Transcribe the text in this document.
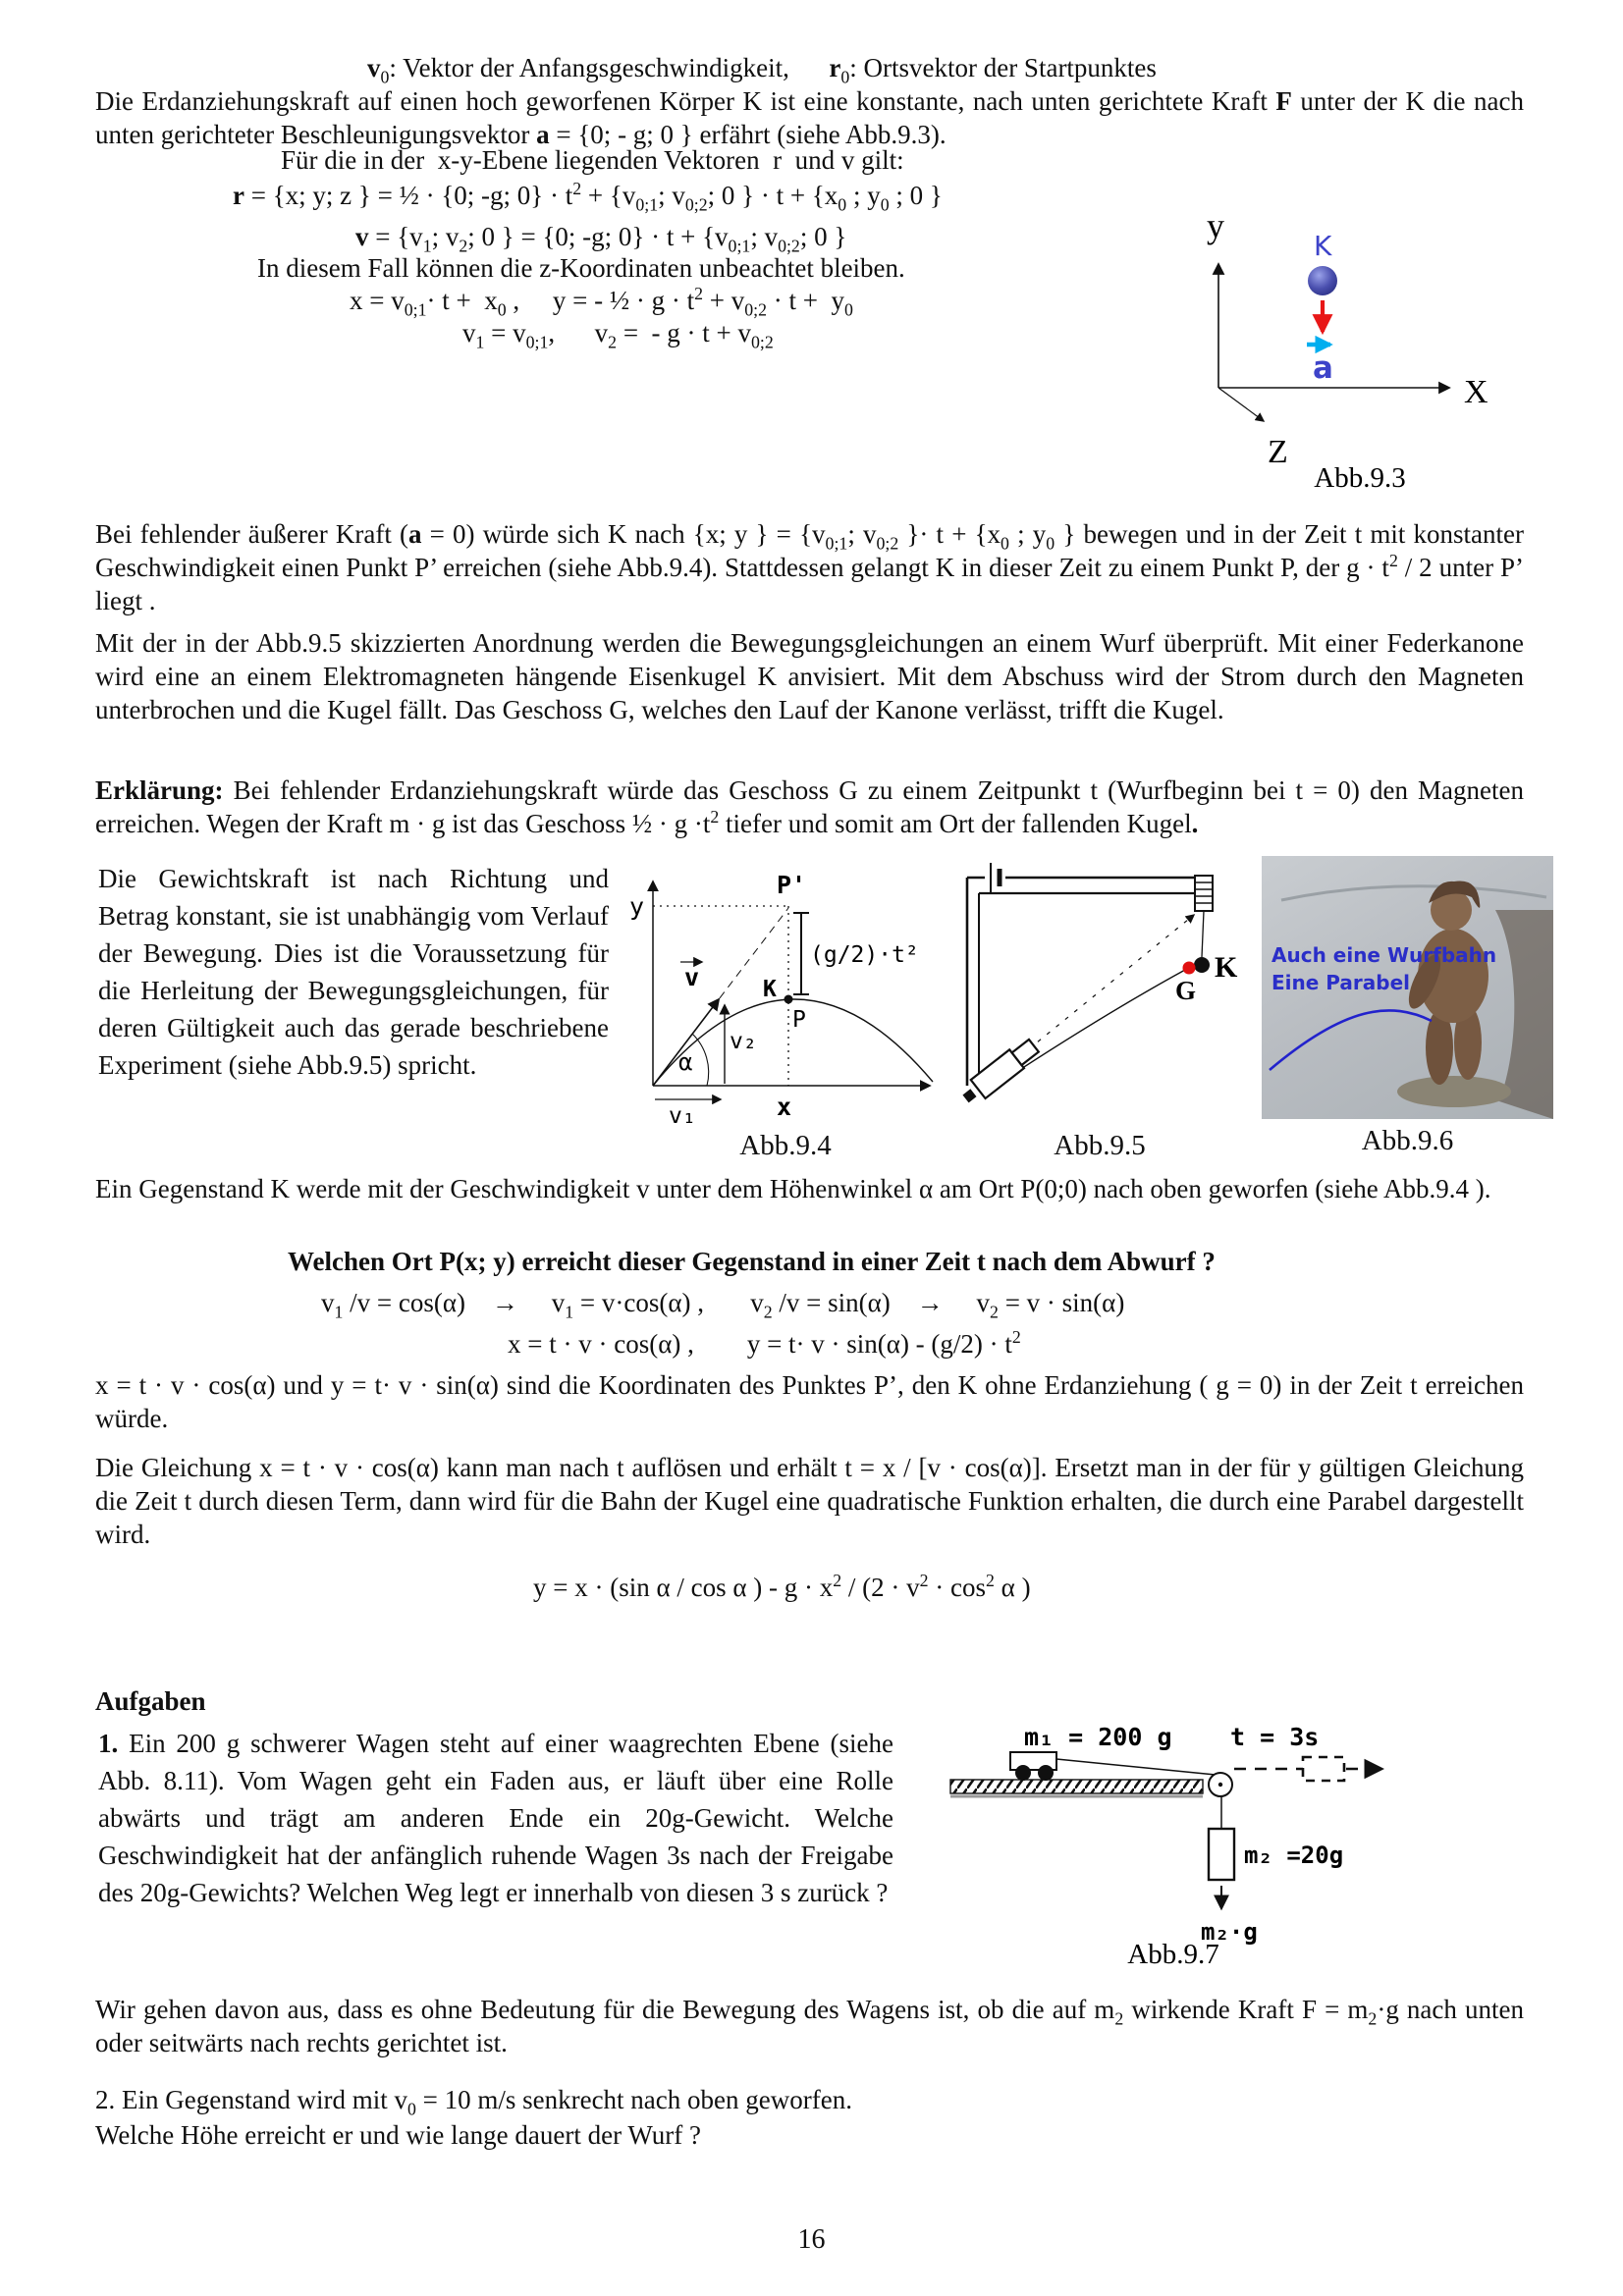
$v_0$: Vektor der Anfangsgeschwindigkeit,      $r_0$: Ortsvektor der Startpunktes
Die Erdanziehungskraft auf einen hoch geworfenen Körper K ist eine konstante, nach unten gerichtete Kraft F unter der K die nach unten gerichteter Beschleunigungsvektor a = {0; - g; 0 } erfährt (siehe Abb.9.3).
Für die in der  x-y-Ebene liegenden Vektoren  r  und v gilt:
r = {x; y; z } = ½ · {0; -g; $0\} \cdot t^2 + \{v_{0;1}$; $v_{0;2}$; 0 } · $t + \{x_0$ ; $y_0$ ; 0 }
$v = \{v_1$; $v_2$; 0 } = {0; -g; $0\} \cdot t + \{v_{0;1}$; $v_{0;2}$; 0 }
In diesem Fall können die z-Koordinaten unbeachtet bleiben.
$x = v_{0;1}\cdot t + x_0$ ,     y = - ½ · $g \cdot t^2 + v_{0;2} \cdot t + y_0$
$v_1 = v_{0;1}$,      $v_2$ =  - $g \cdot t + v_{0;2}$
y
X
Z
K
a
Abb.9.3
Bei fehlender äußerer Kraft (a = 0) würde sich K nach {x; y } = {$v_{0;1}$; $v_{0;2}$ }· $t + \{x_0$ ; $y_0$ } bewegen und in der Zeit t mit konstanter Geschwindigkeit einen Punkt P’ erreichen (siehe Abb.9.4). Stattdessen gelangt K in dieser Zeit zu einem Punkt P, der $g \cdot t^2 / 2$ unter P’ liegt .
Mit der in der Abb.9.5 skizzierten Anordnung werden die Bewegungsgleichungen an einem Wurf überprüft. Mit einer Federkanone wird eine an einem Elektromagneten hängende Eisenkugel K anvisiert. Mit dem Abschuss wird der Strom durch den Magneten unterbrochen und die Kugel fällt. Das Geschoss G, welches den Lauf der Kanone verlässt, trifft die Kugel.
Erklärung: Bei fehlender Erdanziehungskraft würde das Geschoss G zu einem Zeitpunkt t (Wurfbeginn bei t = 0) den Magneten erreichen. Wegen der Kraft m · g ist das Geschoss ½ · $g \cdot t^2$ tiefer und somit am Ort der fallenden Kugel.
Die Gewichtskraft ist nach Richtung und Betrag konstant, sie ist unabhängig vom Verlauf der Bewegung. Dies ist die Voraussetzung für die Herleitung der Bewegungsgleichungen, für deren Gültigkeit auch das gerade beschriebene Experiment (siehe Abb.9.5) spricht.
y
P'
(g/2)·t²
K
P
v
v₂
α
v₁	x
Abb.9.4
K
G
Abb.9.5
Auch eine Wurfbahn
Eine Parabel
Abb.9.6
Ein Gegenstand K werde mit der Geschwindigkeit v unter dem Höhenwinkel α am Ort P(0;0) nach oben geworfen (siehe Abb.9.4 ).
Welchen Ort P(x; y) erreicht dieser Gegenstand in einer Zeit t nach dem Abwurf ?
$v_1$ /v = cos(α)    →     $v_1 = v\cdot\cos(\alpha)$ ,       $v_2$ /v = sin(α)    →     $v_2 = v \cdot \sin(\alpha)$
x = t · v · cos(α) ,        $y = t\cdot v \cdot \sin(\alpha) - (g/2) \cdot t^2$
x = t · v · cos(α) und y = t· v · sin(α) sind die Koordinaten des Punktes P’, den K ohne Erdanziehung ( g = 0) in der Zeit t erreichen würde.
Die Gleichung x = t · v · cos(α) kann man nach t auflösen und erhält t = x / [v · cos(α)]. Ersetzt man in der für y gültigen Gleichung die Zeit t durch diesen Term, dann wird für die Bahn der Kugel eine quadratische Funktion erhalten, die durch eine Parabel dargestellt wird.
y = x · (sin α / cos α ) - $g \cdot x^2 / (2 \cdot v^2 \cdot \cos^2 \alpha$ )
Aufgaben
1. Ein 200 g schwerer Wagen steht auf einer waagrechten Ebene (siehe Abb. 8.11). Vom Wagen geht ein Faden aus, er läuft über eine Rolle abwärts und trägt am anderen Ende ein 20g-Gewicht. Welche Geschwindigkeit hat der anfänglich ruhende Wagen 3s nach der Freigabe des 20g-Gewichts? Welchen Weg legt er innerhalb von diesen 3 s zurück ?
m₁ = 200 g t = 3s
m₂ =20g
m₂·g
Abb.9.7
Wir gehen davon aus, dass es ohne Bedeutung für die Bewegung des Wagens ist, ob die auf $m_2$ wirkende Kraft $F = m_2\cdot g$ nach unten oder seitwärts nach rechts gerichtet ist.
2. Ein Gegenstand wird mit $v_0 = 10$ m/s senkrecht nach oben geworfen.
Welche Höhe erreicht er und wie lange dauert der Wurf ?
16
